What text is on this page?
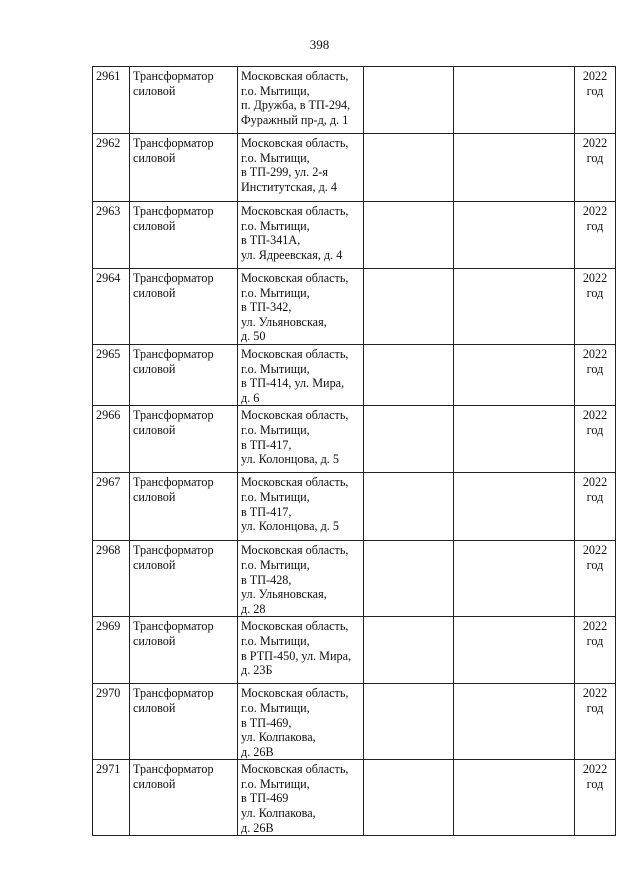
398
2961	Трансформатор
силовой	Московская область,
г.о. Мытищи,
п. Дружба, в ТП-294,
Фуражный пр-д, д. 1			2022
год

2962	Трансформатор
силовой	Московская область,
г.о. Мытищи,
в ТП-299, ул. 2-я
Институтская, д. 4			2022
год

2963	Трансформатор
силовой	Московская область,
г.о. Мытищи,
в ТП-341А,
ул. Ядреевская, д. 4			2022
год

2964	Трансформатор
силовой	Московская область,
г.о. Мытищи,
в ТП-342,
ул. Ульяновская,
д. 50			2022
год

2965	Трансформатор
силовой	Московская область,
г.о. Мытищи,
в ТП-414, ул. Мира,
д. 6			2022
год

2966	Трансформатор
силовой	Московская область,
г.о. Мытищи,
в ТП-417,
ул. Колонцова, д. 5			2022
год

2967	Трансформатор
силовой	Московская область,
г.о. Мытищи,
в ТП-417,
ул. Колонцова, д. 5			2022
год

2968	Трансформатор
силовой	Московская область,
г.о. Мытищи,
в ТП-428,
ул. Ульяновская,
д. 28			2022
год

2969	Трансформатор
силовой	Московская область,
г.о. Мытищи,
в РТП-450, ул. Мира,
д. 23Б			2022
год

2970	Трансформатор
силовой	Московская область,
г.о. Мытищи,
в ТП-469,
ул. Колпакова,
д. 26В			2022
год

2971	Трансформатор
силовой	Московская область,
г.о. Мытищи,
в ТП-469
ул. Колпакова,
д. 26В			2022
год
